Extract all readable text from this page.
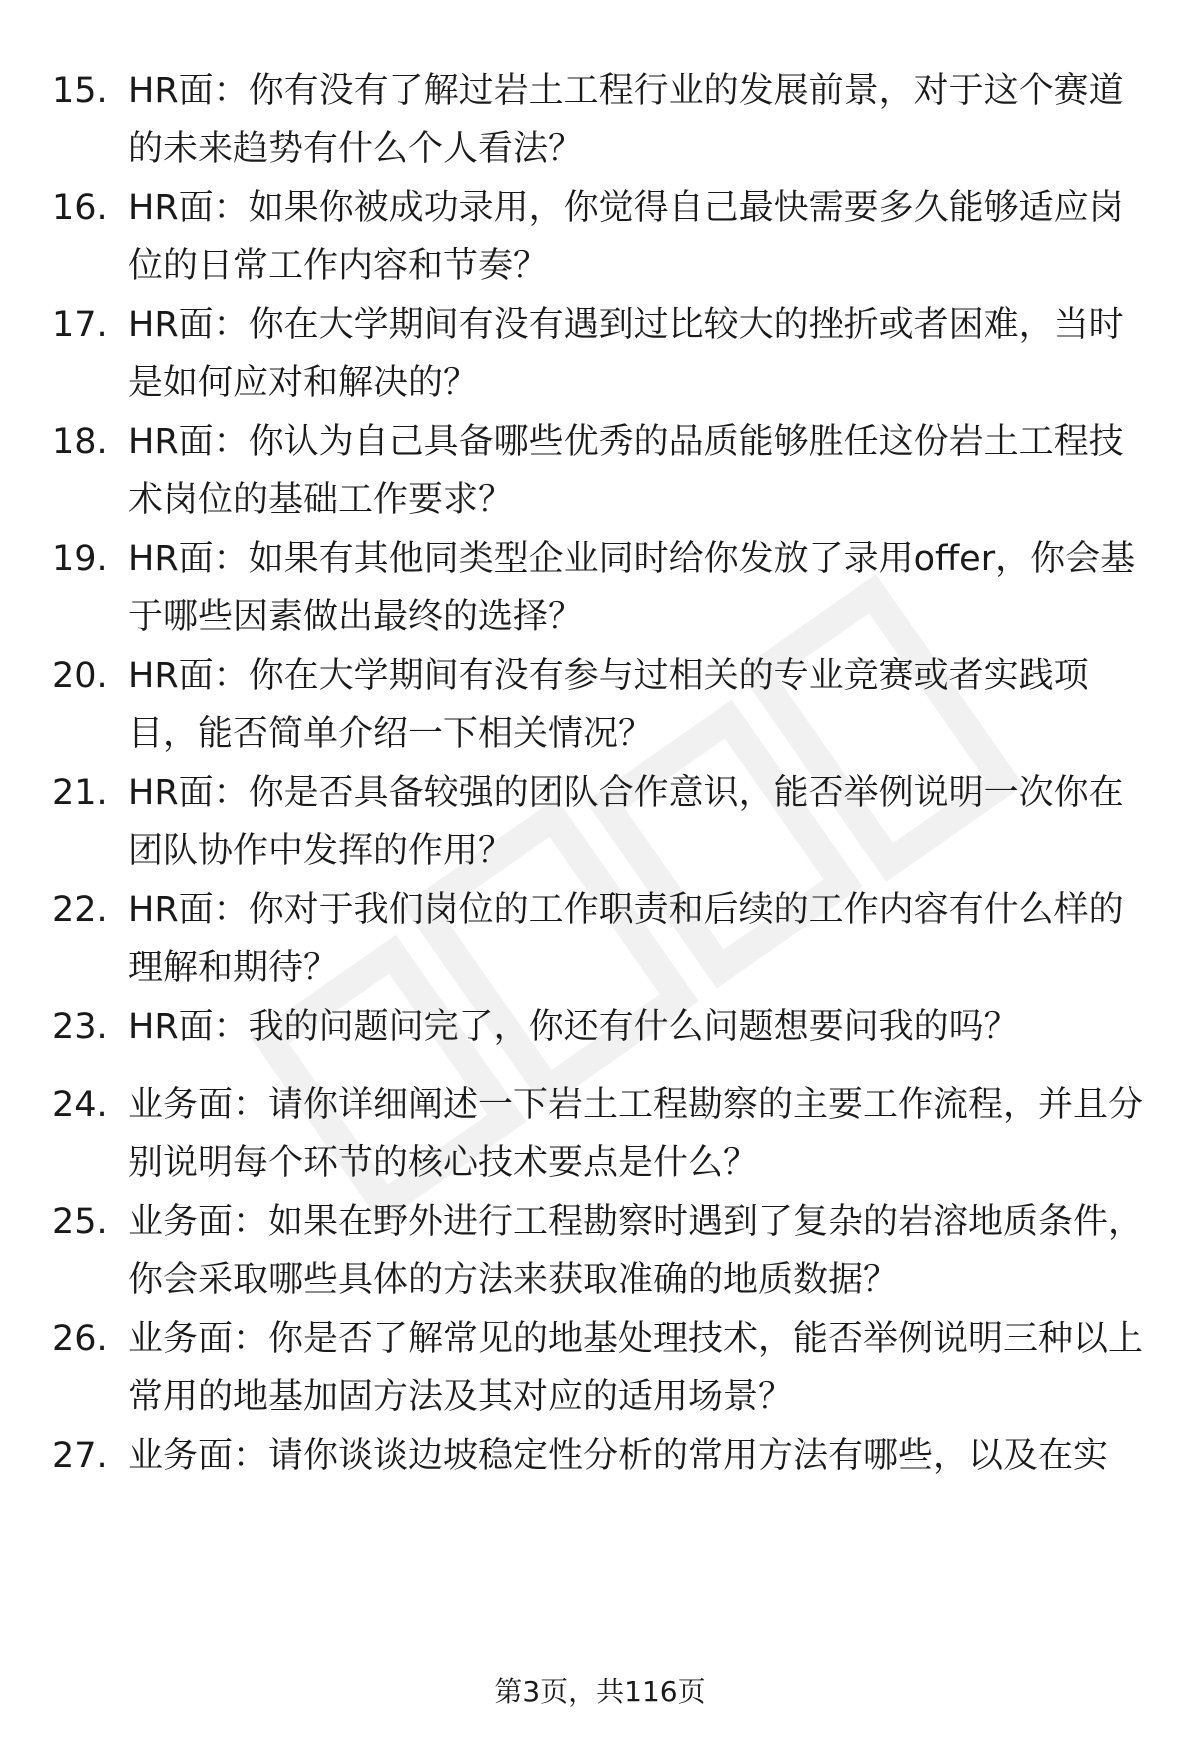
15. HR面：你有没有了解过岩土工程行业的发展前景，对于这个赛道的未来趋势有什么个人看法？
16. HR面：如果你被成功录用，你觉得自己最快需要多久能够适应岗位的日常工作内容和节奏？
17. HR面：你在大学期间有没有遇到过比较大的挫折或者困难，当时是如何应对和解决的？
18. HR面：你认为自己具备哪些优秀的品质能够胜任这份岩土工程技术岗位的基础工作要求？
19. HR面：如果有其他同类型企业同时给你发放了录用offer，你会基于哪些因素做出最终的选择？
20. HR面：你在大学期间有没有参与过相关的专业竞赛或者实践项目，能否简单介绍一下相关情况？
21. HR面：你是否具备较强的团队合作意识，能否举例说明一次你在团队协作中发挥的作用？
22. HR面：你对于我们岗位的工作职责和后续的工作内容有什么样的理解和期待？
23. HR面：我的问题问完了，你还有什么问题想要问我的吗？
24. 业务面：请你详细阐述一下岩土工程勘察的主要工作流程，并且分别说明每个环节的核心技术要点是什么？
25. 业务面：如果在野外进行工程勘察时遇到了复杂的岩溶地质条件，你会采取哪些具体的方法来获取准确的地质数据？
26. 业务面：你是否了解常见的地基处理技术，能否举例说明三种以上常用的地基加固方法及其对应的适用场景？
27. 业务面：请你谈谈边坡稳定性分析的常用方法有哪些，以及在实
第3页，共116页
